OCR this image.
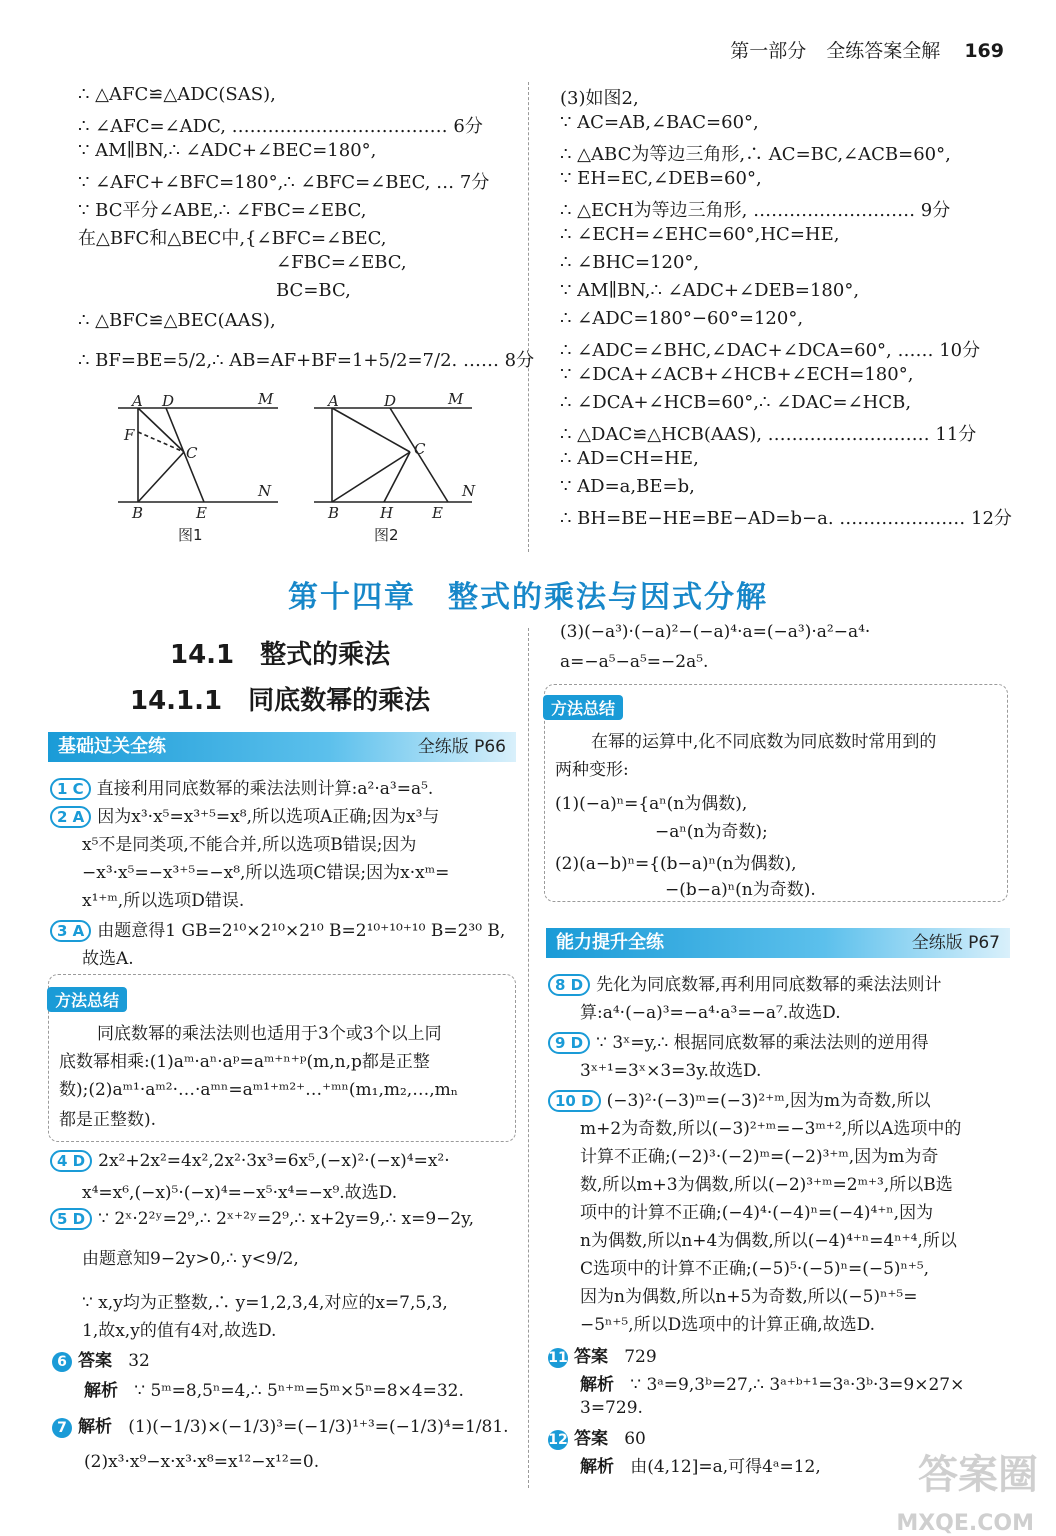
第一部分 全练答案全解 169
∴ △AFC≌△ADC(SAS),
∴ ∠AFC=∠ADC, ……………………………… 6分
∵ AM∥BN,∴ ∠ADC+∠BEC=180°,
∵ ∠AFC+∠BFC=180°,∴ ∠BFC=∠BEC, … 7分
∵ BC平分∠ABE,∴ ∠FBC=∠EBC,
在△BFC和△BEC中,{∠BFC=∠BEC,
∠FBC=∠EBC,
BC=BC,
∴ △BFC≌△BEC(AAS),
∴ BF=BE=5/2,∴ AB=AF+BF=1+5/2=7/2. …… 8分
A D	M
F
C
N
B	E
图1
A	D	M
C
N
B	H	E
图2
(3)如图2,
∵ AC=AB,∠BAC=60°,
∴ △ABC为等边三角形,∴ AC=BC,∠ACB=60°,
∵ EH=EC,∠DEB=60°,
∴ △ECH为等边三角形, ……………………… 9分
∴ ∠ECH=∠EHC=60°,HC=HE,
∴ ∠BHC=120°,
∵ AM∥BN,∴ ∠ADC+∠DEB=180°,
∴ ∠ADC=180°−60°=120°,
∴ ∠ADC=∠BHC,∠DAC+∠DCA=60°, …… 10分
∵ ∠DCA+∠ACB+∠HCB+∠ECH=180°,
∴ ∠DCA+∠HCB=60°,∴ ∠DAC=∠HCB,
∴ △DAC≌△HCB(AAS), ……………………… 11分
∴ AD=CH=HE,
∵ AD=a,BE=b,
∴ BH=BE−HE=BE−AD=b−a. ………………… 12分
第十四章　整式的乘法与因式分解
14.1　整式的乘法
14.1.1　同底数幂的乘法
基础过关全练	全练版 P66
1 C 直接利用同底数幂的乘法法则计算:a²·a³=a⁵.
2 A 因为x³·x⁵=x³⁺⁵=x⁸,所以选项A正确;因为x³与
x⁵不是同类项,不能合并,所以选项B错误;因为
−x³·x⁵=−x³⁺⁵=−x⁸,所以选项C错误;因为x·xᵐ=
x¹⁺ᵐ,所以选项D错误.
3 A 由题意得1 GB=2¹⁰×2¹⁰×2¹⁰ B=2¹⁰⁺¹⁰⁺¹⁰ B=2³⁰ B,
故选A.
方法总结
同底数幂的乘法法则也适用于3个或3个以上同
底数幂相乘:(1)aᵐ·aⁿ·aᵖ=aᵐ⁺ⁿ⁺ᵖ(m,n,p都是正整
数);(2)aᵐ¹·aᵐ²·…·aᵐⁿ=aᵐ¹⁺ᵐ²⁺…⁺ᵐⁿ(m₁,m₂,…,mₙ
都是正整数).
4 D 2x²+2x²=4x²,2x²·3x³=6x⁵,(−x)²·(−x)⁴=x²·
x⁴=x⁶,(−x)⁵·(−x)⁴=−x⁵·x⁴=−x⁹.故选D.
5 D ∵ 2ˣ·2²ʸ=2⁹,∴ 2ˣ⁺²ʸ=2⁹,∴ x+2y=9,∴ x=9−2y,
由题意知9−2y>0,∴ y<9/2,
∵ x,y均为正整数,∴ y=1,2,3,4,对应的x=7,5,3,
1,故x,y的值有4对,故选D.
6 答案 32
解析 ∵ 5ᵐ=8,5ⁿ=4,∴ 5ⁿ⁺ᵐ=5ᵐ×5ⁿ=8×4=32.
7 解析 (1)(−1/3)×(−1/3)³=(−1/3)¹⁺³=(−1/3)⁴=1/81.
(2)x³·x⁹−x·x³·x⁸=x¹²−x¹²=0.
(3)(−a³)·(−a)²−(−a)⁴·a=(−a³)·a²−a⁴·
a=−a⁵−a⁵=−2a⁵.
方法总结
在幂的运算中,化不同底数为同底数时常用到的
两种变形:
(1)(−a)ⁿ={aⁿ(n为偶数),
−aⁿ(n为奇数);
(2)(a−b)ⁿ={(b−a)ⁿ(n为偶数),
−(b−a)ⁿ(n为奇数).
能力提升全练	全练版 P67
8 D 先化为同底数幂,再利用同底数幂的乘法法则计
算:a⁴·(−a)³=−a⁴·a³=−a⁷.故选D.
9 D ∵ 3ˣ=y,∴ 根据同底数幂的乘法法则的逆用得
3ˣ⁺¹=3ˣ×3=3y.故选D.
10 D (−3)²·(−3)ᵐ=(−3)²⁺ᵐ,因为m为奇数,所以
m+2为奇数,所以(−3)²⁺ᵐ=−3ᵐ⁺²,所以A选项中的
计算不正确;(−2)³·(−2)ᵐ=(−2)³⁺ᵐ,因为m为奇
数,所以m+3为偶数,所以(−2)³⁺ᵐ=2ᵐ⁺³,所以B选
项中的计算不正确;(−4)⁴·(−4)ⁿ=(−4)⁴⁺ⁿ,因为
n为偶数,所以n+4为偶数,所以(−4)⁴⁺ⁿ=4ⁿ⁺⁴,所以
C选项中的计算不正确;(−5)⁵·(−5)ⁿ=(−5)ⁿ⁺⁵,
因为n为偶数,所以n+5为奇数,所以(−5)ⁿ⁺⁵=
−5ⁿ⁺⁵,所以D选项中的计算正确,故选D.
11 答案 729
解析 ∵ 3ᵃ=9,3ᵇ=27,∴ 3ᵃ⁺ᵇ⁺¹=3ᵃ·3ᵇ·3=9×27×
3=729.
12 答案 60
解析 由(4,12]=a,可得4ᵃ=12, 答案圈
MXQE.COM
